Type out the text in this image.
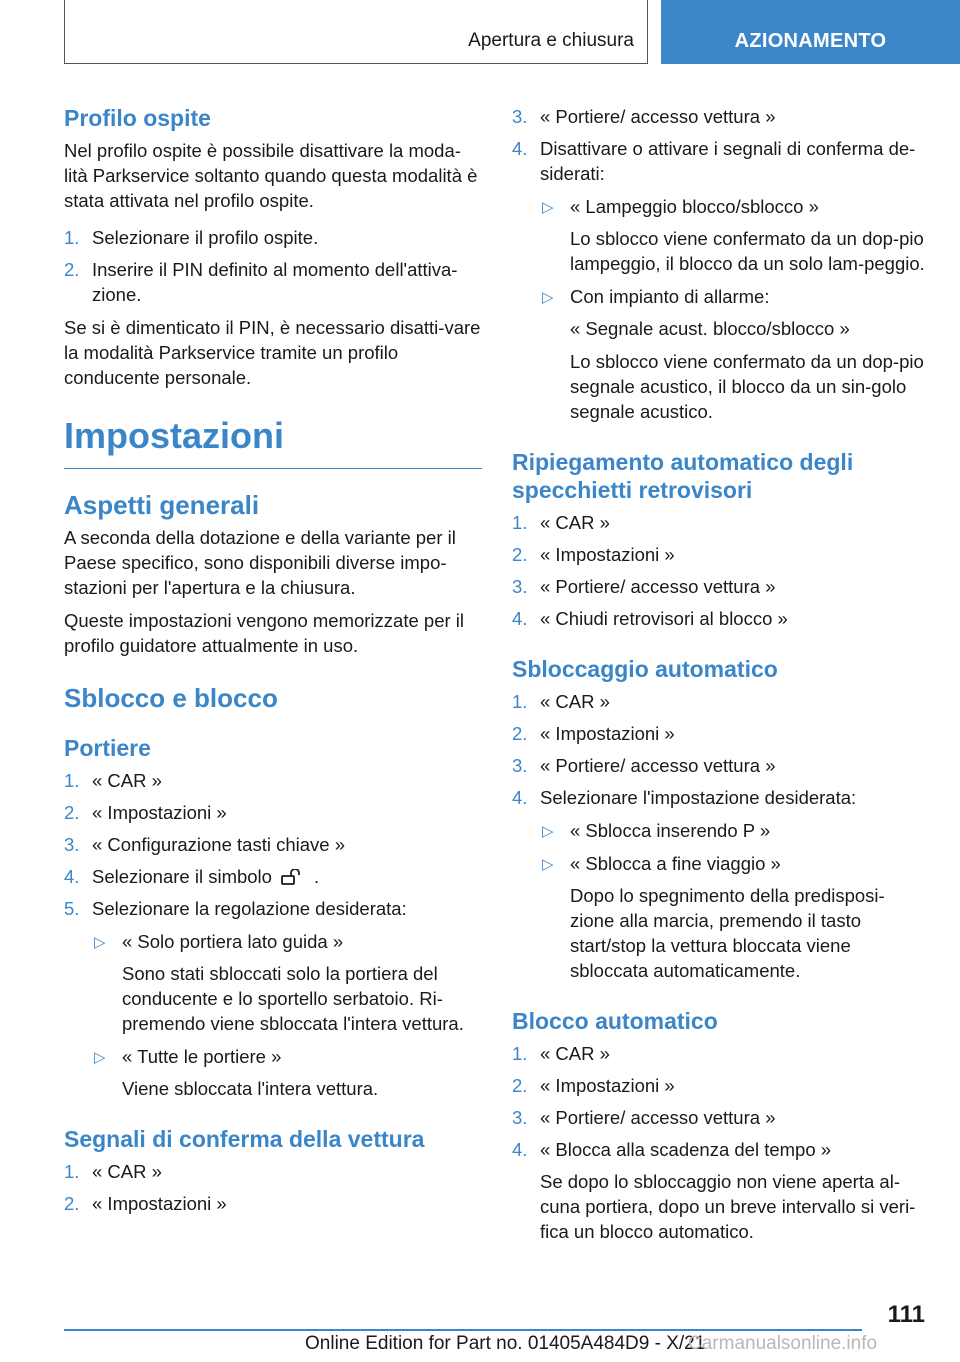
Apertura e chiusura	AZIONAMENTO
Profilo ospite

Nel profilo ospite è possibile disattivare la moda-lità Parkservice soltanto quando questa modalità è stata attivata nel profilo ospite.

1. Selezionare il profilo ospite.
2. Inserire il PIN definito al momento dell'attiva-zione.

Se si è dimenticato il PIN, è necessario disatti-vare la modalità Parkservice tramite un profilo conducente personale.

Impostazioni
Aspetti generali

A seconda della dotazione e della variante per il Paese specifico, sono disponibili diverse impo-stazioni per l'apertura e la chiusura.

Queste impostazioni vengono memorizzate per il profilo guidatore attualmente in uso.

Sblocco e blocco
Portiere
1. « CAR »
2. « Impostazioni »
3. « Configurazione tasti chiave »
4. Selezionare il simbolo .
5. Selezionare la regolazione desiderata:
▷ « Solo portiera lato guida »

Sono stati sbloccati solo la portiera del conducente e lo sportello serbatoio. Ri-premendo viene sbloccata l'intera vettura.

▷ « Tutte le portiere »

Viene sbloccata l'intera vettura.

Segnali di conferma della vettura
1. « CAR »
2. « Impostazioni »
3. « Portiere/ accesso vettura »
4. Disattivare o attivare i segnali di conferma de-siderati:
▷ « Lampeggio blocco/sblocco »

Lo sblocco viene confermato da un dop-pio lampeggio, il blocco da un solo lam-peggio.

▷ Con impianto di allarme:

« Segnale acust. blocco/sblocco »

Lo sblocco viene confermato da un dop-pio segnale acustico, il blocco da un sin-golo segnale acustico.

Ripiegamento automatico degli specchietti retrovisori
1. « CAR »
2. « Impostazioni »
3. « Portiere/ accesso vettura »
4. « Chiudi retrovisori al blocco »
Sbloccaggio automatico
1. « CAR »
2. « Impostazioni »
3. « Portiere/ accesso vettura »
4. Selezionare l'impostazione desiderata:
▷ « Sblocca inserendo P »
▷ « Sblocca a fine viaggio »

Dopo lo spegnimento della predisposi-zione alla marcia, premendo il tasto start/stop la vettura bloccata viene sbloccata automaticamente.

Blocco automatico
1. « CAR »
2. « Impostazioni »
3. « Portiere/ accesso vettura »
4. « Blocca alla scadenza del tempo »

Se dopo lo sbloccaggio non viene aperta al-cuna portiera, dopo un breve intervallo si veri-fica un blocco automatico.

111
Online Edition for Part no. 01405A484D9 - X/21
Carmanualsonline.info
